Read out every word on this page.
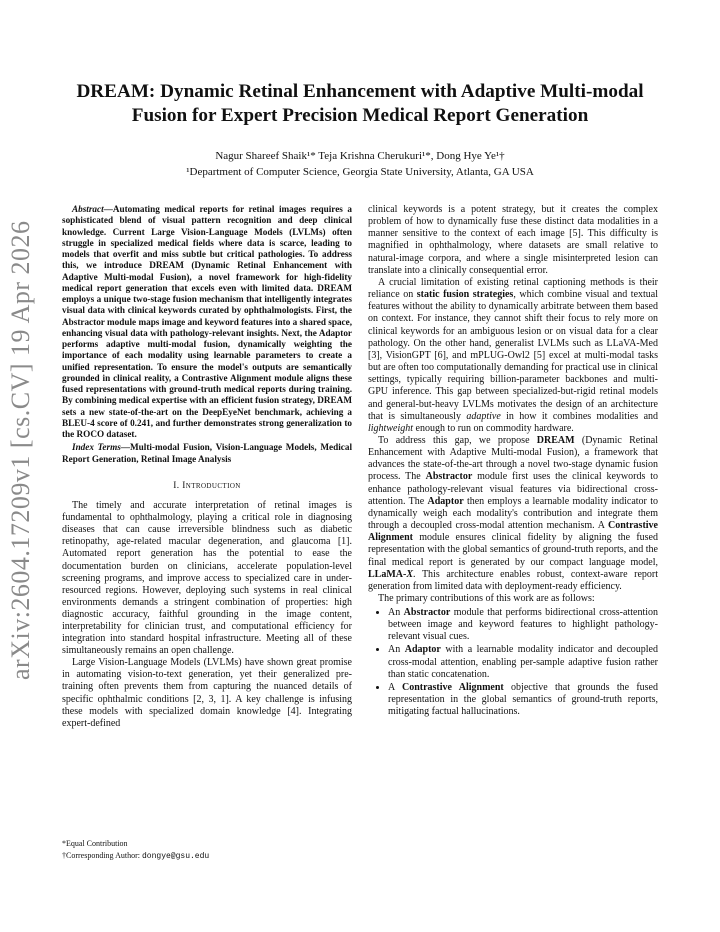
arXiv:2604.17209v1 [cs.CV] 19 Apr 2026
DREAM: Dynamic Retinal Enhancement with Adaptive Multi-modal
Fusion for Expert Precision Medical Report Generation
Nagur Shareef Shaik¹* Teja Krishna Cherukuri¹*, Dong Hye Ye¹†
¹Department of Computer Science, Georgia State University, Atlanta, GA USA

Abstract—Automating medical reports for retinal images requires a sophisticated blend of visual pattern recognition and deep clinical knowledge. Current Large Vision-Language Models (LVLMs) often struggle in specialized medical fields where data is scarce, leading to models that overfit and miss subtle but critical pathologies. To address this, we introduce DREAM (Dynamic Retinal Enhancement with Adaptive Multi-modal Fusion), a novel framework for high-fidelity medical report generation that excels even with limited data. DREAM employs a unique two-stage fusion mechanism that intelligently integrates visual data with clinical keywords curated by ophthalmologists. First, the Abstractor module maps image and keyword features into a shared space, enhancing visual data with pathology-relevant insights. Next, the Adaptor performs adaptive multi-modal fusion, dynamically weighting the importance of each modality using learnable parameters to create a unified representation. To ensure the model's outputs are semantically grounded in clinical reality, a Contrastive Alignment module aligns these fused representations with ground-truth medical reports during training. By combining medical expertise with an efficient fusion strategy, DREAM sets a new state-of-the-art on the DeepEyeNet benchmark, achieving a BLEU-4 score of 0.241, and further demonstrates strong generalization to the ROCO dataset.

Index Terms—Multi-modal Fusion, Vision-Language Models, Medical Report Generation, Retinal Image Analysis

I. Introduction

The timely and accurate interpretation of retinal images is fundamental to ophthalmology, playing a critical role in diagnosing diseases that can cause irreversible blindness such as diabetic retinopathy, age-related macular degeneration, and glaucoma [1]. Automated report generation has the potential to ease the documentation burden on clinicians, accelerate population-level screening programs, and improve access to specialized care in under-resourced regions. However, deploying such systems in real clinical environments demands a stringent combination of properties: high diagnostic accuracy, faithful grounding in the image content, interpretability for clinician trust, and computational efficiency for integration into standard hospital infrastructure. Meeting all of these simultaneously remains an open challenge.

Large Vision-Language Models (LVLMs) have shown great promise in automating vision-to-text generation, yet their generalized pre-training often prevents them from capturing the nuanced details of specific ophthalmic conditions [2, 3, 1]. A key challenge is infusing these models with specialized domain knowledge [4]. Integrating expert-defined

*Equal Contribution
†Corresponding Author: dongye@gsu.edu

clinical keywords is a potent strategy, but it creates the complex problem of how to dynamically fuse these distinct data modalities in a manner sensitive to the context of each image [5]. This difficulty is magnified in ophthalmology, where datasets are small relative to natural-image corpora, and where a single misinterpreted lesion can translate into a clinically consequential error.

A crucial limitation of existing retinal captioning methods is their reliance on static fusion strategies, which combine visual and textual features without the ability to dynamically arbitrate between them based on context. For instance, they cannot shift their focus to rely more on clinical keywords for an ambiguous lesion or on visual data for a clear pathology. On the other hand, generalist LVLMs such as LLaVA-Med [3], VisionGPT [6], and mPLUG-Owl2 [5] excel at multi-modal tasks but are often too computationally demanding for practical use in clinical settings, typically requiring billion-parameter backbones and multi-GPU inference. This gap between specialized-but-rigid retinal models and general-but-heavy LVLMs motivates the design of an architecture that is simultaneously adaptive in how it combines modalities and lightweight enough to run on commodity hardware.

To address this gap, we propose DREAM (Dynamic Retinal Enhancement with Adaptive Multi-modal Fusion), a framework that advances the state-of-the-art through a novel two-stage dynamic fusion process. The Abstractor module first uses the clinical keywords to enhance pathology-relevant visual features via bidirectional cross-attention. The Adaptor then employs a learnable modality indicator to dynamically weigh each modality's contribution and integrate them through a decoupled cross-modal attention mechanism. A Contrastive Alignment module ensures clinical fidelity by aligning the fused representation with the global semantics of ground-truth reports, and the final medical report is generated by our compact language model, LLaMA-X. This architecture enables robust, context-aware report generation from limited data with deployment-ready efficiency.

The primary contributions of this work are as follows:

• An Abstractor module that performs bidirectional cross-attention between image and keyword features to highlight pathology-relevant visual cues.
• An Adaptor with a learnable modality indicator and decoupled cross-modal attention, enabling per-sample adaptive fusion rather than static concatenation.
• A Contrastive Alignment objective that grounds the fused representation in the global semantics of ground-truth reports, mitigating factual hallucinations.
